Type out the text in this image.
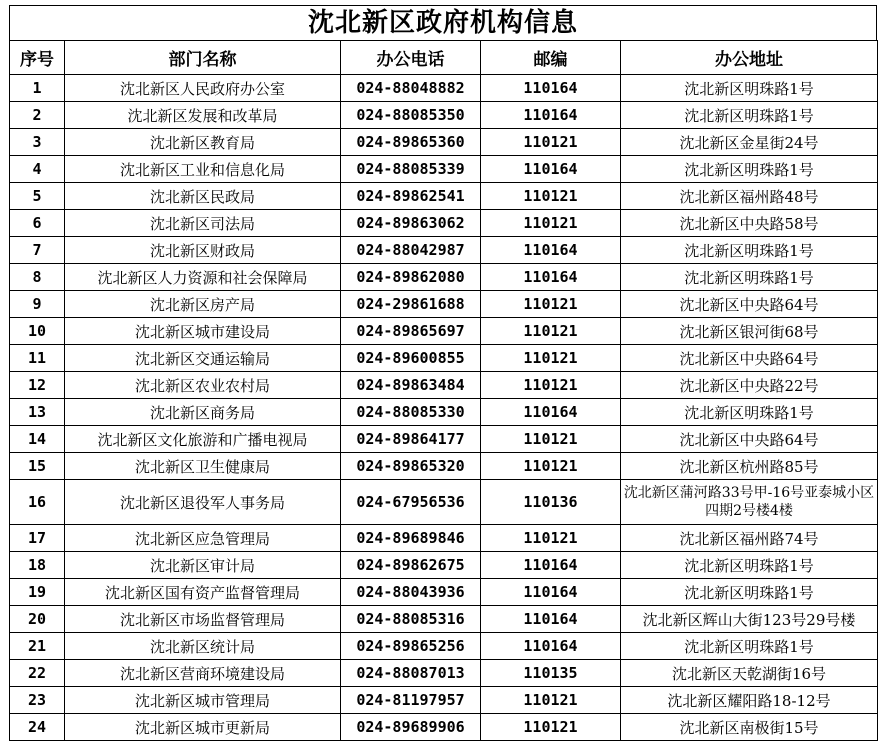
沈北新区政府机构信息
序号	部门名称	办公电话	邮编	办公地址
1	沈北新区人民政府办公室	024-88048882	110164	沈北新区明珠路1号
2	沈北新区发展和改革局	024-88085350	110164	沈北新区明珠路1号
3	沈北新区教育局	024-89865360	110121	沈北新区金星街24号
4	沈北新区工业和信息化局	024-88085339	110164	沈北新区明珠路1号
5	沈北新区民政局	024-89862541	110121	沈北新区福州路48号
6	沈北新区司法局	024-89863062	110121	沈北新区中央路58号
7	沈北新区财政局	024-88042987	110164	沈北新区明珠路1号
8	沈北新区人力资源和社会保障局	024-89862080	110164	沈北新区明珠路1号
9	沈北新区房产局	024-29861688	110121	沈北新区中央路64号
10	沈北新区城市建设局	024-89865697	110121	沈北新区银河街68号
11	沈北新区交通运输局	024-89600855	110121	沈北新区中央路64号
12	沈北新区农业农村局	024-89863484	110121	沈北新区中央路22号
13	沈北新区商务局	024-88085330	110164	沈北新区明珠路1号
14	沈北新区文化旅游和广播电视局	024-89864177	110121	沈北新区中央路64号
15	沈北新区卫生健康局	024-89865320	110121	沈北新区杭州路85号
16	沈北新区退役军人事务局	024-67956536	110136	沈北新区蒲河路33号甲-16号亚泰城小区四期2号楼4楼
17	沈北新区应急管理局	024-89689846	110121	沈北新区福州路74号
18	沈北新区审计局	024-89862675	110164	沈北新区明珠路1号
19	沈北新区国有资产监督管理局	024-88043936	110164	沈北新区明珠路1号
20	沈北新区市场监督管理局	024-88085316	110164	沈北新区辉山大街123号29号楼
21	沈北新区统计局	024-89865256	110164	沈北新区明珠路1号
22	沈北新区营商环境建设局	024-88087013	110135	沈北新区天乾湖街16号
23	沈北新区城市管理局	024-81197957	110121	沈北新区耀阳路18-12号
24	沈北新区城市更新局	024-89689906	110121	沈北新区南极街15号
